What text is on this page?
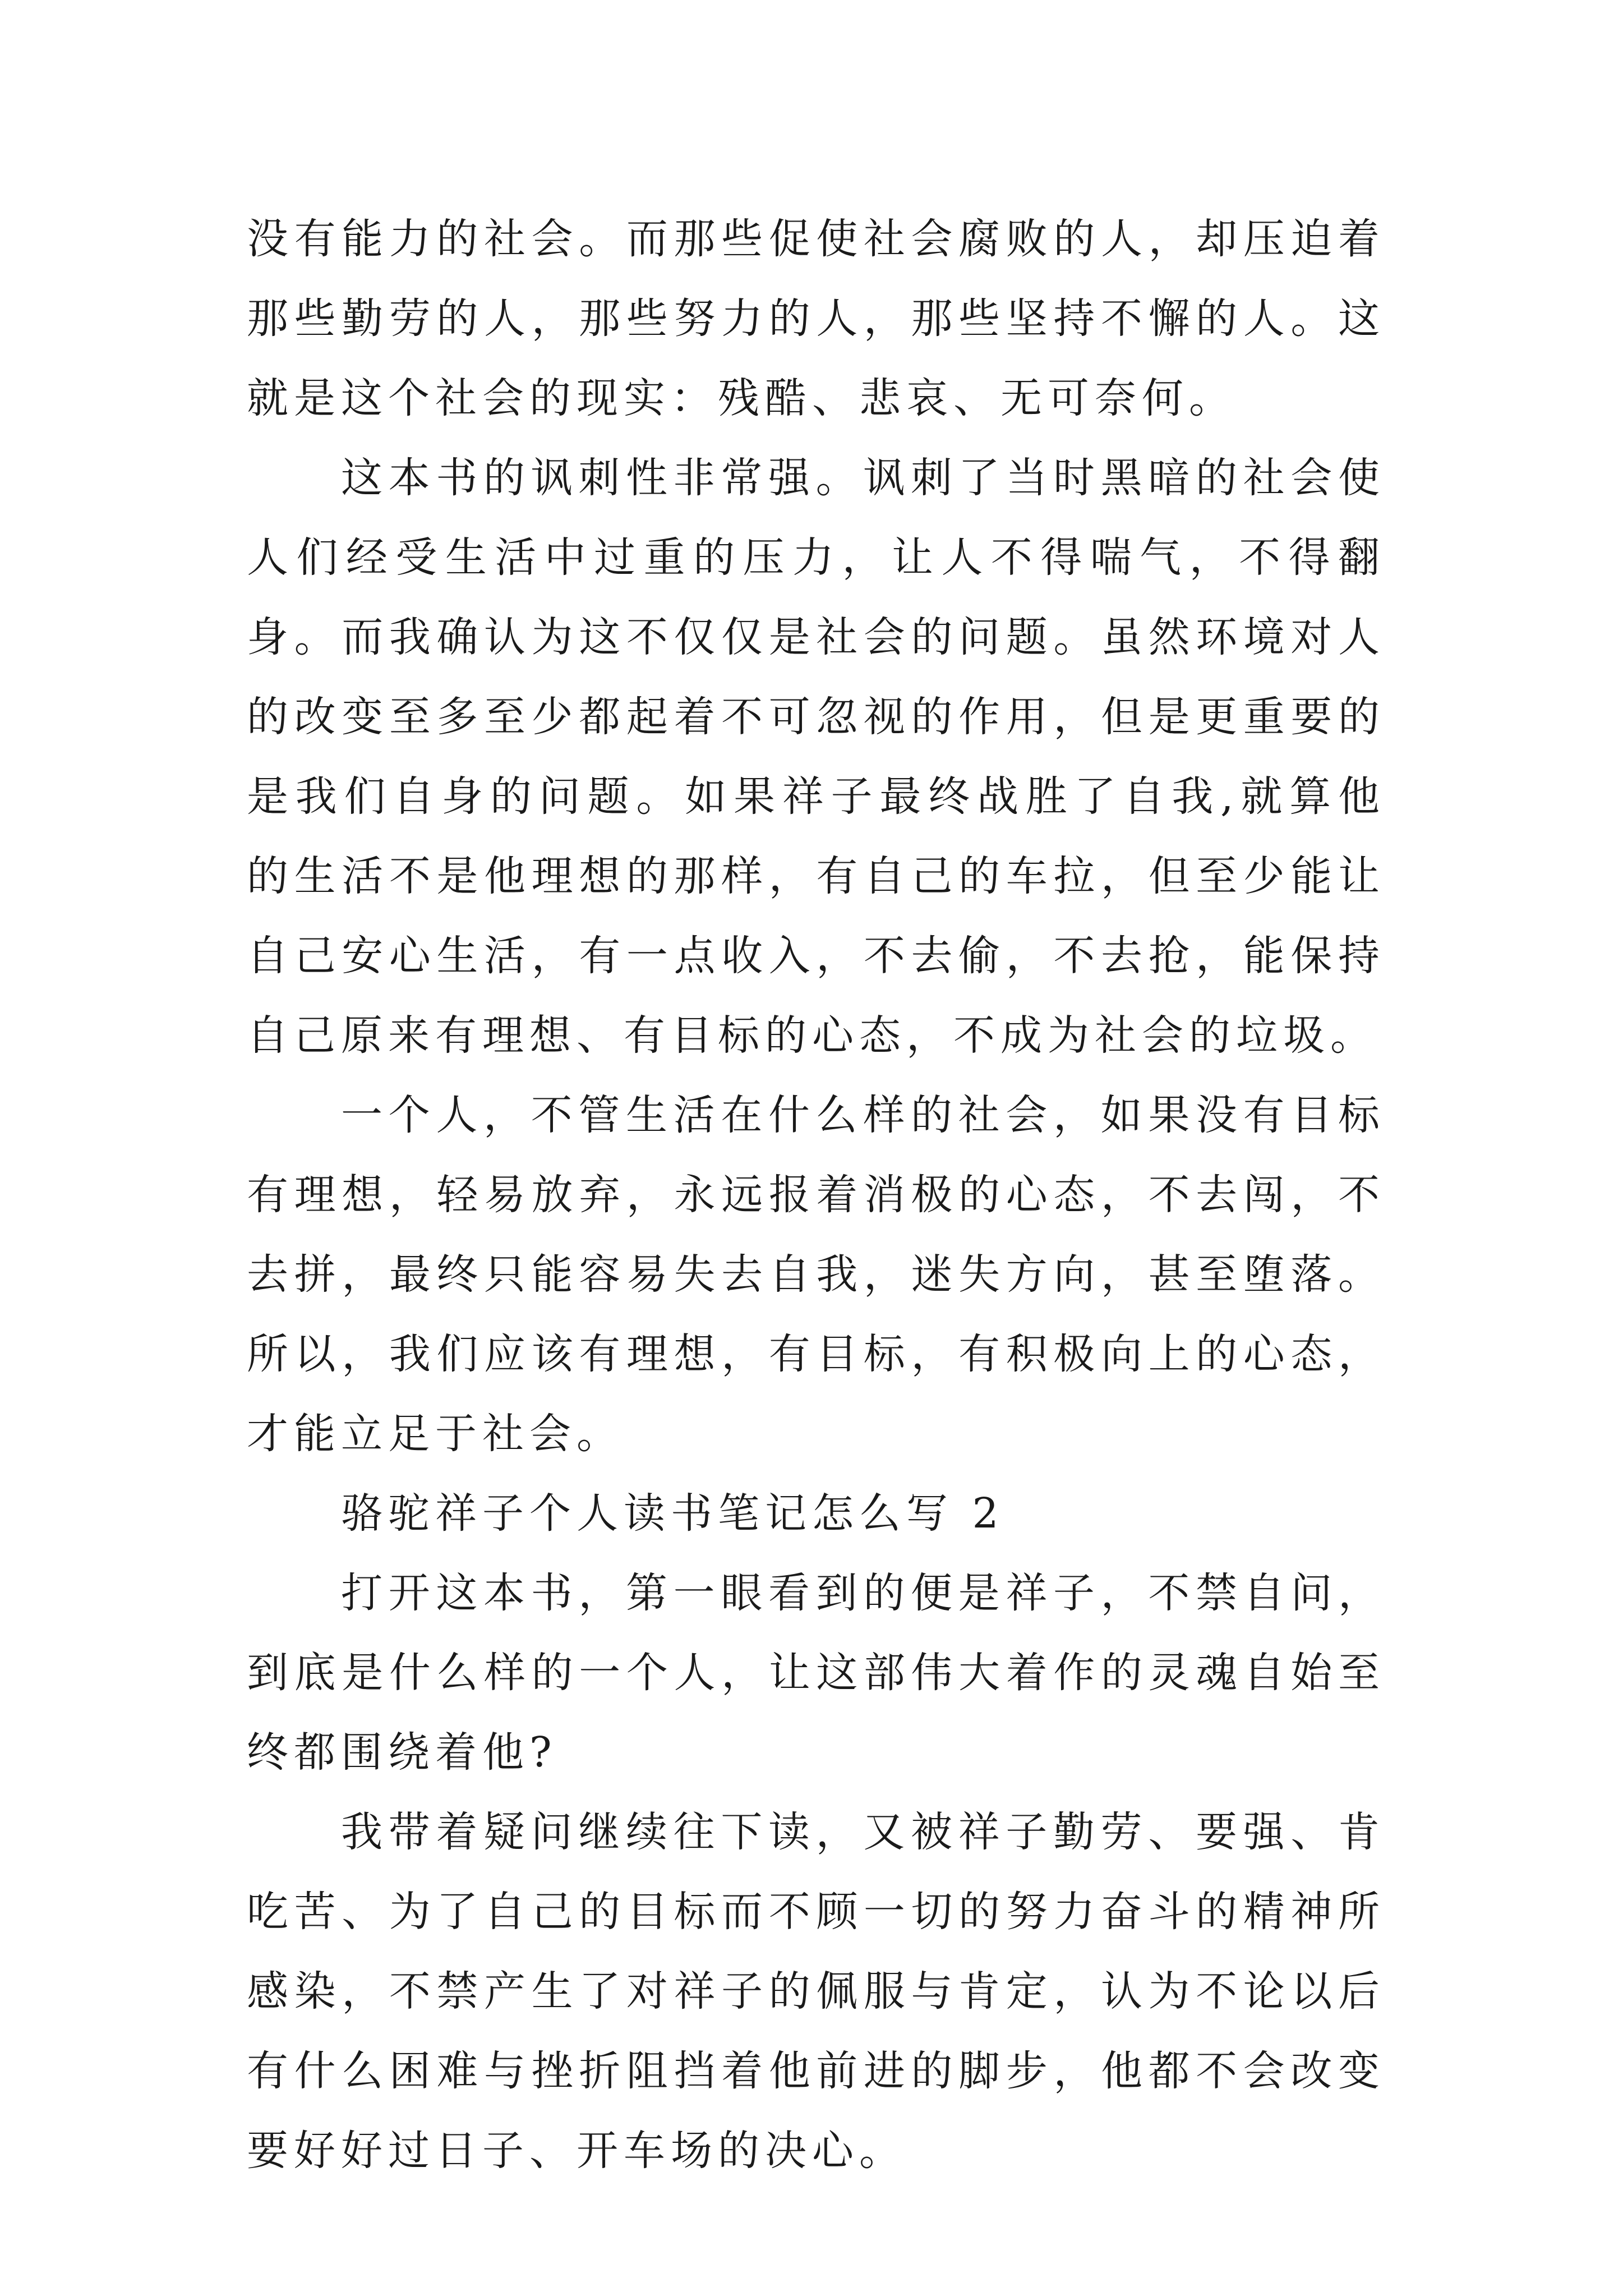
没有能力的社会。而那些促使社会腐败的人，却压迫着那些勤劳的人，那些努力的人，那些坚持不懈的人。这就是这个社会的现实：残酷、悲哀、无可奈何。

这本书的讽刺性非常强。讽刺了当时黑暗的社会使人们经受生活中过重的压力，让人不得喘气，不得翻身。而我确认为这不仅仅是社会的问题。虽然环境对人的改变至多至少都起着不可忽视的作用，但是更重要的是我们自身的问题。如果祥子最终战胜了自我,就算他的生活不是他理想的那样，有自己的车拉，但至少能让自己安心生活，有一点收入，不去偷，不去抢，能保持自己原来有理想、有目标的心态，不成为社会的垃圾。

一个人，不管生活在什么样的社会，如果没有目标有理想，轻易放弃，永远报着消极的心态，不去闯，不去拼，最终只能容易失去自我，迷失方向，甚至堕落。所以，我们应该有理想，有目标，有积极向上的心态，才能立足于社会。

骆驼祥子个人读书笔记怎么写 2

打开这本书，第一眼看到的便是祥子，不禁自问，到底是什么样的一个人，让这部伟大着作的灵魂自始至终都围绕着他?

我带着疑问继续往下读，又被祥子勤劳、要强、肯吃苦、为了自己的目标而不顾一切的努力奋斗的精神所感染，不禁产生了对祥子的佩服与肯定，认为不论以后有什么困难与挫折阻挡着他前进的脚步，他都不会改变要好好过日子、开车场的决心。
